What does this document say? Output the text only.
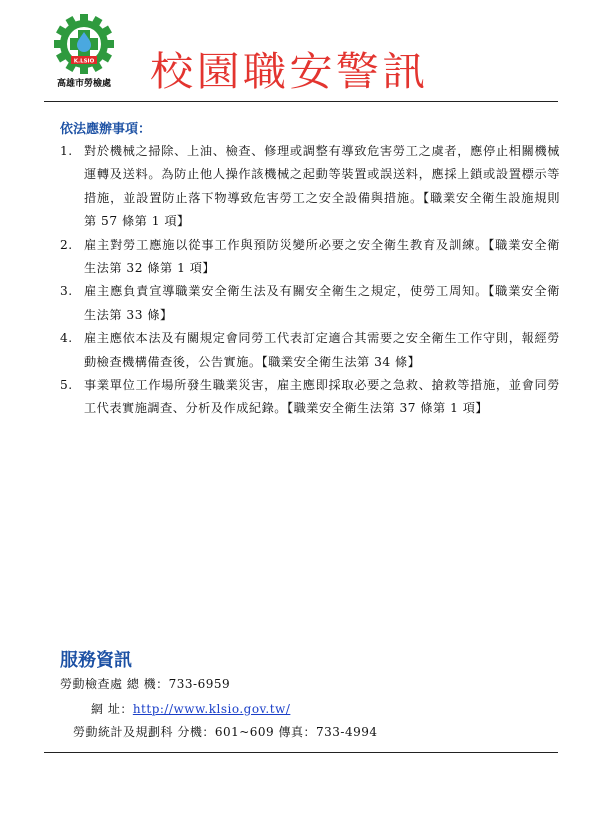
K.LSIO
高雄市勞檢處 校園職安警訊
依法應辦事項：
1. 對於機械之掃除、上油、檢查、修理或調整有導致危害勞工之虞者，應停止相關機械運轉及送料。為防止他人操作該機械之起動等裝置或誤送料，應採上鎖或設置標示等措施，並設置防止落下物導致危害勞工之安全設備與措施。【職業安全衛生設施規則第 57 條第 1 項】
2. 雇主對勞工應施以從事工作與預防災變所必要之安全衛生教育及訓練。【職業安全衛生法第 32 條第 1 項】
3. 雇主應負責宣導職業安全衛生法及有關安全衛生之規定，使勞工周知。【職業安全衛生法第 33 條】
4. 雇主應依本法及有關規定會同勞工代表訂定適合其需要之安全衛生工作守則，報經勞動檢查機構備查後，公告實施。【職業安全衛生法第 34 條】
5. 事業單位工作場所發生職業災害，雇主應即採取必要之急救、搶救等措施，並會同勞工代表實施調查、分析及作成紀錄。【職業安全衛生法第 37 條第 1 項】
服務資訊
勞動檢查處 總 機：733-6959
網 址：http://www.klsio.gov.tw/
勞動統計及規劃科 分機：601~609 傳真：733-4994
